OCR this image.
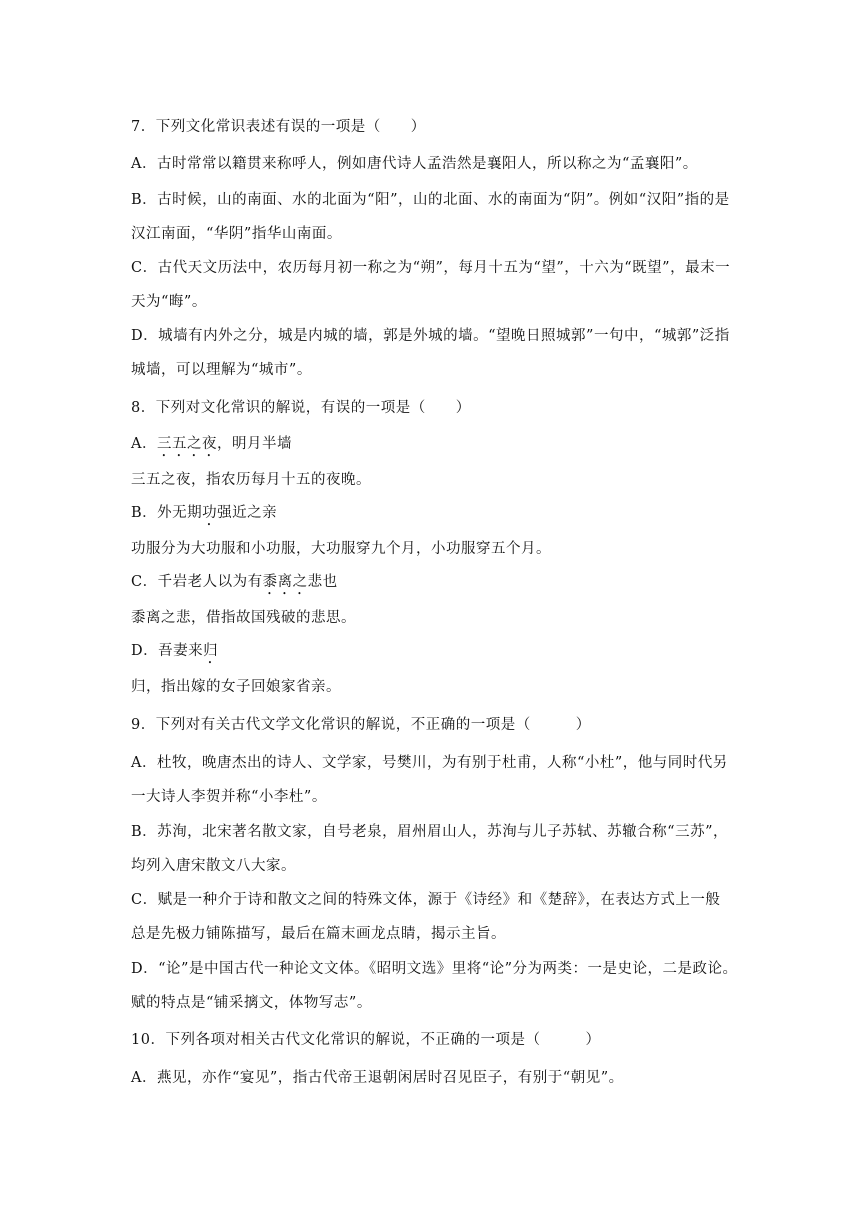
7．下列文化常识表述有误的一项是（　　）
A．古时常常以籍贯来称呼人，例如唐代诗人孟浩然是襄阳人，所以称之为“孟襄阳”。
B．古时候，山的南面、水的北面为“阳”，山的北面、水的南面为“阴”。例如“汉阳”指的是
汉江南面，“华阴”指华山南面。
C．古代天文历法中，农历每月初一称之为“朔”，每月十五为“望”，十六为“既望”，最末一
天为“晦”。
D．城墙有内外之分，城是内城的墙，郭是外城的墙。“望晚日照城郭”一句中，“城郭”泛指
城墙，可以理解为“城市”。
8．下列对文化常识的解说，有误的一项是（　　）
A．三五之夜，明月半墙
三五之夜，指农历每月十五的夜晚。
B．外无期功强近之亲
功服分为大功服和小功服，大功服穿九个月，小功服穿五个月。
C．千岩老人以为有黍离之悲也
黍离之悲，借指故国残破的悲思。
D．吾妻来归
归，指出嫁的女子回娘家省亲。
9．下列对有关古代文学文化常识的解说，不正确的一项是（　　　）
A．杜牧，晚唐杰出的诗人、文学家，号樊川，为有别于杜甫，人称“小杜”，他与同时代另
一大诗人李贺并称“小李杜”。
B．苏洵，北宋著名散文家，自号老泉，眉州眉山人，苏洵与儿子苏轼、苏辙合称“三苏”，
均列入唐宋散文八大家。
C．赋是一种介于诗和散文之间的特殊文体，源于《诗经》和《楚辞》，在表达方式上一般
总是先极力铺陈描写，最后在篇末画龙点睛，揭示主旨。
D．“论”是中国古代一种论文文体。《昭明文选》里将“论”分为两类：一是史论，二是政论。
赋的特点是“铺采摛文，体物写志”。
10．下列各项对相关古代文化常识的解说，不正确的一项是（　　　）
A．燕见，亦作“宴见”，指古代帝王退朝闲居时召见臣子，有别于“朝见”。
